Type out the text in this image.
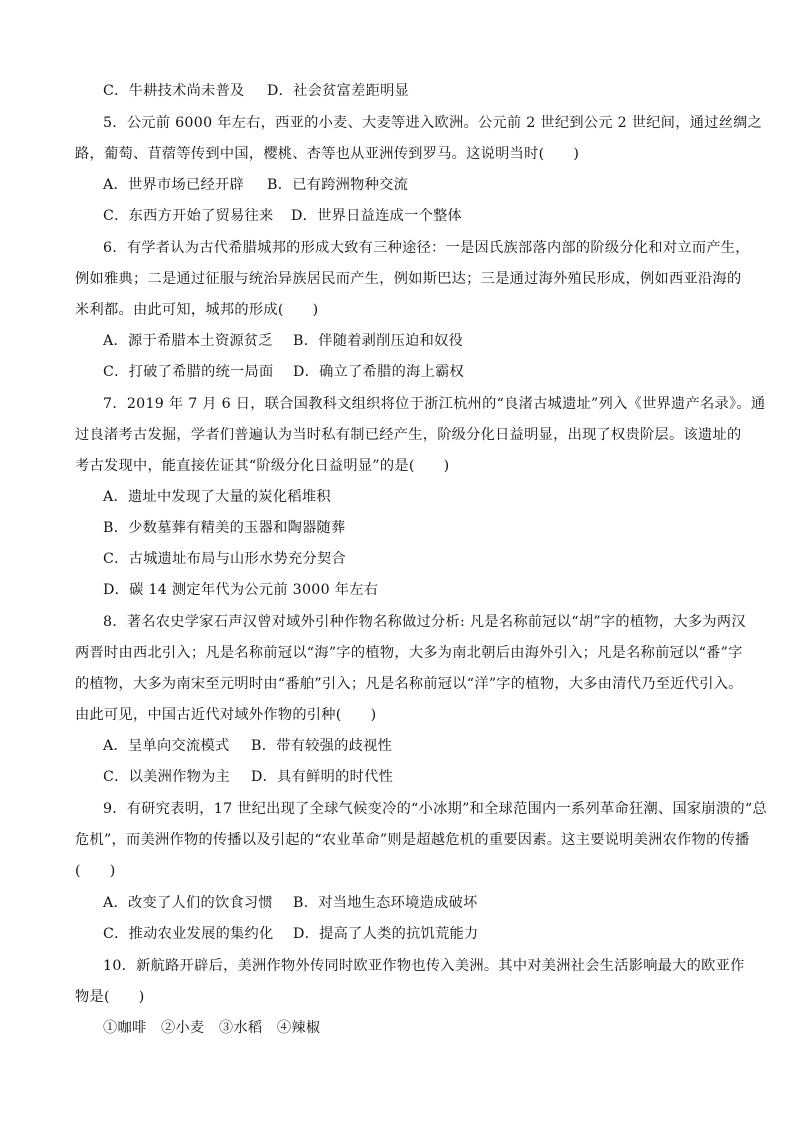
C．牛耕技术尚未普及 D．社会贫富差距明显
5．公元前 6000 年左右，西亚的小麦、大麦等进入欧洲。公元前 2 世纪到公元 2 世纪间，通过丝绸之
路，葡萄、苜蓿等传到中国，樱桃、杏等也从亚洲传到罗马。这说明当时(　　)
A．世界市场已经开辟 B．已有跨洲物种交流
C．东西方开始了贸易往来 D．世界日益连成一个整体
6．有学者认为古代希腊城邦的形成大致有三种途径：一是因氏族部落内部的阶级分化和对立而产生，
例如雅典；二是通过征服与统治异族居民而产生，例如斯巴达；三是通过海外殖民形成，例如西亚沿海的
米利都。由此可知，城邦的形成(　　)
A．源于希腊本土资源贫乏 B．伴随着剥削压迫和奴役
C．打破了希腊的统一局面 D．确立了希腊的海上霸权
7．2019 年 7 月 6 日，联合国教科文组织将位于浙江杭州的“良渚古城遗址”列入《世界遗产名录》。通
过良渚考古发掘，学者们普遍认为当时私有制已经产生，阶级分化日益明显，出现了权贵阶层。该遗址的
考古发现中，能直接佐证其“阶级分化日益明显”的是(　　)
A．遗址中发现了大量的炭化稻堆积
B．少数墓葬有精美的玉器和陶器随葬
C．古城遗址布局与山形水势充分契合
D．碳 14 测定年代为公元前 3000 年左右
8．著名农史学家石声汉曾对域外引种作物名称做过分析: 凡是名称前冠以“胡”字的植物，大多为两汉
两晋时由西北引入；凡是名称前冠以“海”字的植物，大多为南北朝后由海外引入；凡是名称前冠以“番”字
的植物，大多为南宋至元明时由“番舶”引入；凡是名称前冠以“洋”字的植物，大多由清代乃至近代引入。
由此可见，中国古近代对域外作物的引种(　　)
A．呈单向交流模式 B．带有较强的歧视性
C．以美洲作物为主 D．具有鲜明的时代性
9．有研究表明，17 世纪出现了全球气候变冷的“小冰期”和全球范围内一系列革命狂潮、国家崩溃的“总
危机”，而美洲作物的传播以及引起的“农业革命”则是超越危机的重要因素。这主要说明美洲农作物的传播
(　　)
A．改变了人们的饮食习惯 B．对当地生态环境造成破坏
C．推动农业发展的集约化 D．提高了人类的抗饥荒能力
10．新航路开辟后，美洲作物外传同时欧亚作物也传入美洲。其中对美洲社会生活影响最大的欧亚作
物是(　　)
①咖啡　②小麦　③水稻　④辣椒
